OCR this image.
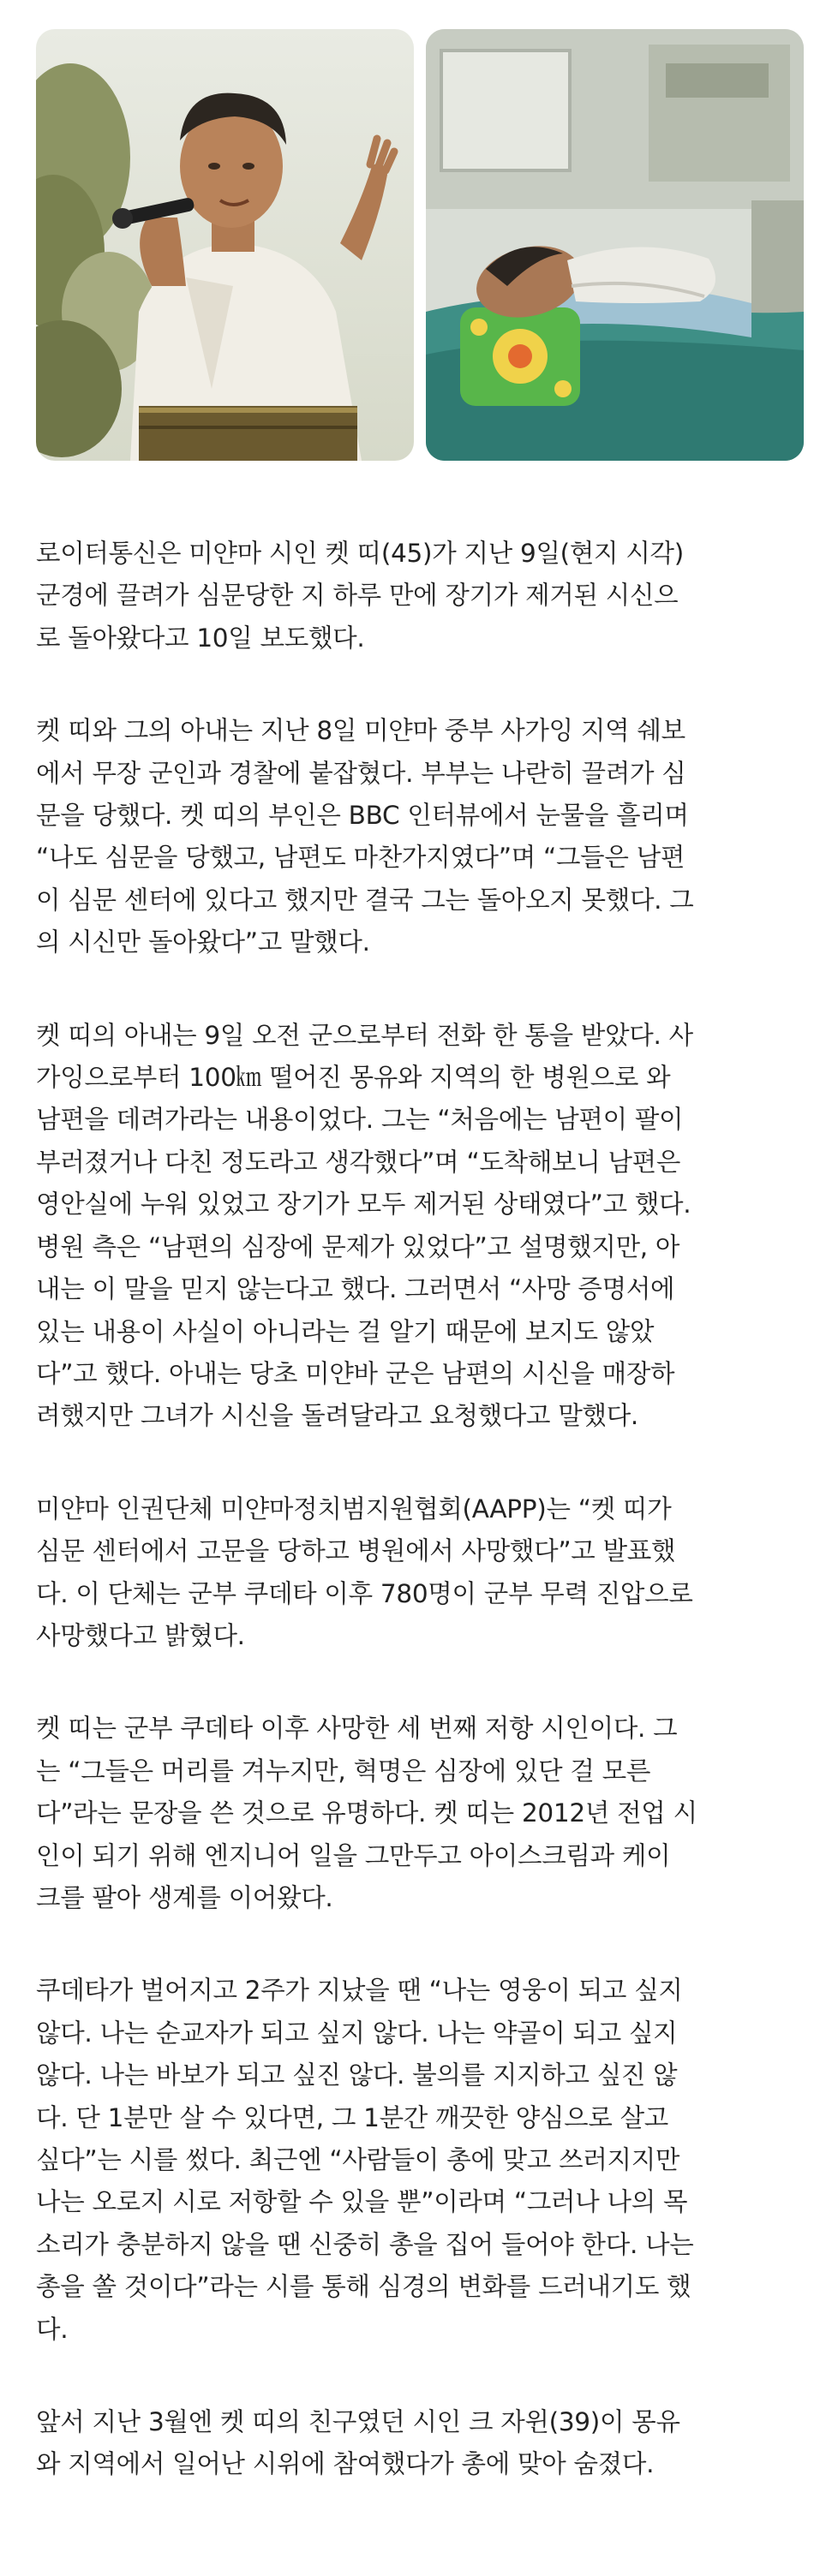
로이터통신은 미얀마 시인 켓 띠(45)가 지난 9일(현지 시각)
군경에 끌려가 심문당한 지 하루 만에 장기가 제거된 시신으
로 돌아왔다고 10일 보도했다.

켓 띠와 그의 아내는 지난 8일 미얀마 중부 사가잉 지역 쉐보
에서 무장 군인과 경찰에 붙잡혔다. 부부는 나란히 끌려가 심
문을 당했다. 켓 띠의 부인은 BBC 인터뷰에서 눈물을 흘리며
“나도 심문을 당했고, 남편도 마찬가지였다”며 “그들은 남편
이 심문 센터에 있다고 했지만 결국 그는 돌아오지 못했다. 그
의 시신만 돌아왔다”고 말했다.

켓 띠의 아내는 9일 오전 군으로부터 전화 한 통을 받았다. 사
가잉으로부터 100㎞ 떨어진 몽유와 지역의 한 병원으로 와
남편을 데려가라는 내용이었다. 그는 “처음에는 남편이 팔이
부러졌거나 다친 정도라고 생각했다”며 “도착해보니 남편은
영안실에 누워 있었고 장기가 모두 제거된 상태였다”고 했다.
병원 측은 “남편의 심장에 문제가 있었다”고 설명했지만, 아
내는 이 말을 믿지 않는다고 했다. 그러면서 “사망 증명서에
있는 내용이 사실이 아니라는 걸 알기 때문에 보지도 않았
다”고 했다. 아내는 당초 미얀바 군은 남편의 시신을 매장하
려했지만 그녀가 시신을 돌려달라고 요청했다고 말했다.

미얀마 인권단체 미얀마정치범지원협회(AAPP)는 “켓 띠가
심문 센터에서 고문을 당하고 병원에서 사망했다”고 발표했
다. 이 단체는 군부 쿠데타 이후 780명이 군부 무력 진압으로
사망했다고 밝혔다.

켓 띠는 군부 쿠데타 이후 사망한 세 번째 저항 시인이다. 그
는 “그들은 머리를 겨누지만, 혁명은 심장에 있단 걸 모른
다”라는 문장을 쓴 것으로 유명하다. 켓 띠는 2012년 전업 시
인이 되기 위해 엔지니어 일을 그만두고 아이스크림과 케이
크를 팔아 생계를 이어왔다.

쿠데타가 벌어지고 2주가 지났을 땐 “나는 영웅이 되고 싶지
않다. 나는 순교자가 되고 싶지 않다. 나는 약골이 되고 싶지
않다. 나는 바보가 되고 싶진 않다. 불의를 지지하고 싶진 않
다. 단 1분만 살 수 있다면, 그 1분간 깨끗한 양심으로 살고
싶다”는 시를 썼다. 최근엔 “사람들이 총에 맞고 쓰러지지만
나는 오로지 시로 저항할 수 있을 뿐”이라며 “그러나 나의 목
소리가 충분하지 않을 땐 신중히 총을 집어 들어야 한다. 나는
총을 쏠 것이다”라는 시를 통해 심경의 변화를 드러내기도 했
다.

앞서 지난 3월엔 켓 띠의 친구였던 시인 크 자윈(39)이 몽유
와 지역에서 일어난 시위에 참여했다가 총에 맞아 숨졌다.
